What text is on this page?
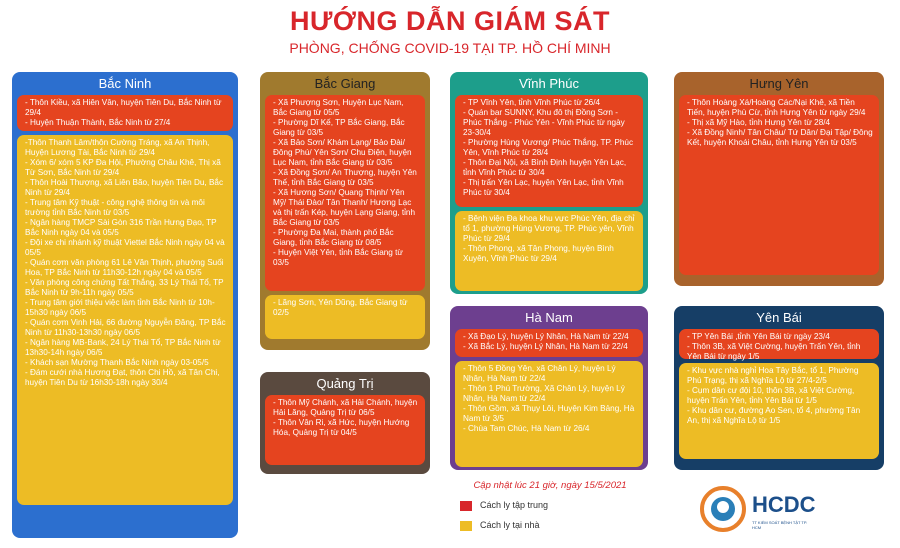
HƯỚNG DẪN GIÁM SÁT
PHÒNG, CHỐNG COVID-19 TẠI TP. HỒ CHÍ MINH
Bắc Ninh
- Thôn Kiều, xã Hiên Vân, huyện Tiên Du, Bắc Ninh từ 29/4
- Huyện Thuận Thành, Bắc Ninh từ 27/4
-Thôn Thanh Lâm/thôn Cường Tráng, xã An Thịnh, Huyện Lương Tài, Bắc Ninh từ 29/4
- Xóm 6/ xóm 5 KP Đa Hội, Phường Châu Khê, Thị xã Từ Sơn, Bắc Ninh từ 29/4
- Thôn Hoài Thượng, xã Liên Bão, huyện Tiên Du, Bắc Ninh từ 29/4
- Trung tâm Kỹ thuật - công nghệ thông tin và môi trường tỉnh Bắc Ninh từ 03/5
- Ngân hàng TMCP Sài Gòn 316 Trần Hưng Đạo, TP Bắc Ninh ngày 04 và 05/5
- Đội xe chi nhánh kỹ thuật Viettel Bắc Ninh ngày 04 và 05/5
- Quán cơm văn phòng 61 Lê Văn Thịnh, phường Suối Hoa, TP Bắc Ninh từ 11h30-12h ngày 04 và 05/5
- Văn phòng công chứng Tất Thắng, 33 Lý Thái Tổ, TP Bắc Ninh từ 9h-11h ngày 05/5
- Trung tâm giới thiệu việc làm tỉnh Bắc Ninh từ 10h-15h30 ngày 06/5
- Quán cơm Vinh Hải, 66 đường Nguyễn Đăng, TP Bắc Ninh từ 11h30-13h30 ngày 06/5
- Ngân hàng MB-Bank, 24 Lý Thái Tổ, TP Bắc Ninh từ 13h30-14h ngày 06/5
- Khách sạn Mường Thanh Bắc Ninh ngày 03-05/5
- Đám cưới nhà Hương Đạt, thôn Chi Hồ, xã Tân Chi, huyện Tiên Du từ 16h30-18h ngày 30/4
Bắc Giang
- Xã Phượng Sơn, Huyện Lục Nam, Bắc Giang từ 05/5
- Phường Dĩ Kế, TP Bắc Giang, Bắc Giang từ 03/5
- Xã Bảo Sơn/ Khám Lạng/ Bảo Đài/ Đông Phú/ Yên Sơn/ Chu Điện, huyện Lục Nam, tỉnh Bắc Giang từ 03/5
- Xã Đồng Sơn/ An Thượng, huyện Yên Thế, tỉnh Bắc Giang từ 03/5
- Xã Hương Sơn/ Quang Thịnh/ Yên Mỹ/ Thái Đào/ Tân Thanh/ Hương Lạc và thị trấn Kép, huyện Lạng Giang, tỉnh Bắc Giang từ 03/5
- Phường Đa Mai, thành phố Bắc Giang, tỉnh Bắc Giang từ 08/5
- Huyện Việt Yên, tỉnh Bắc Giang từ 03/5
- Lãng Sơn, Yên Dũng, Bắc Giang từ 02/5
Quảng Trị
- Thôn Mỹ Chánh, xã Hải Chánh, huyện Hải Lăng, Quảng Trị từ 06/5
- Thôn Vân Ri, xã Hức, huyện Hướng Hóa, Quảng Trị từ 04/5
Vĩnh Phúc
- TP Vĩnh Yên, tỉnh Vĩnh Phúc từ 26/4
- Quán bar SUNNY, Khu đô thị Đồng Sơn - Phúc Thắng - Phúc Yên - Vĩnh Phúc từ ngày 23-30/4
- Phường Hùng Vương/ Phúc Thắng, TP. Phúc Yên, Vĩnh Phúc từ 28/4
- Thôn Đại Nội, xã Bình Định huyện Yên Lạc, tỉnh Vĩnh Phúc từ 30/4
- Thị trấn Yên Lạc, huyện Yên Lạc, tỉnh Vĩnh Phúc từ 30/4
- Bệnh viện Đa khoa khu vực Phúc Yên, địa chỉ tổ 1, phường Hùng Vương, TP. Phúc yên, Vĩnh Phúc từ 29/4
- Thôn Phong, xã Tân Phong, huyện Bình Xuyên, Vĩnh Phúc từ 29/4
Hà Nam
- Xã Đạo Lý, huyện Lý Nhân, Hà Nam từ 22/4
- Xã Bắc Lý, huyện Lý Nhân, Hà Nam từ 22/4
- Thôn 5 Đồng Yên, xã Chân Lý, huyện Lý Nhân, Hà Nam từ 22/4
- Thôn 1 Phú Trường, Xã Chân Lý, huyện Lý Nhân, Hà Nam từ 22/4
- Thôn Gồm, xã Thụy Lôi, Huyện Kim Bảng, Hà Nam từ 3/5
- Chùa Tam Chúc, Hà Nam từ 26/4
Hưng Yên
- Thôn Hoàng Xá/Hoàng Các/Nại Khê, xã Tiền Tiến, huyện Phù Cừ, tỉnh Hưng Yên từ ngày 29/4
- Thị xã Mỹ Hào, tỉnh Hưng Yên từ 28/4
- Xã Đồng Ninh/ Tân Châu/ Tứ Dân/ Đại Tập/ Đông Kết, huyện Khoái Châu, tỉnh Hưng Yên từ 03/5
Yên Bái
- TP Yên Bái ,tỉnh Yên Bái từ ngày 23/4
- Thôn 3B, xã Việt Cường, huyện Trấn Yên, tỉnh Yên Bái từ ngày 1/5
- Khu vực nhà nghỉ Hoa Tây Bắc, tổ 1, Phường Phú Trạng, thị xã Nghĩa Lộ từ 27/4-2/5
- Cụm dân cư đội 10, thôn 3B, xã Việt Cường, huyện Trấn Yên, tỉnh Yên Bái từ 1/5
- Khu dân cư, đường Ao Sen, tổ 4, phường Tân An, thị xã Nghĩa Lộ từ 1/5
Cập nhật lúc 21 giờ, ngày 15/5/2021
Cách ly tập trung
Cách ly tại nhà
HCDC
TT KIỂM SOÁT BỆNH TẬT TP. HCM
